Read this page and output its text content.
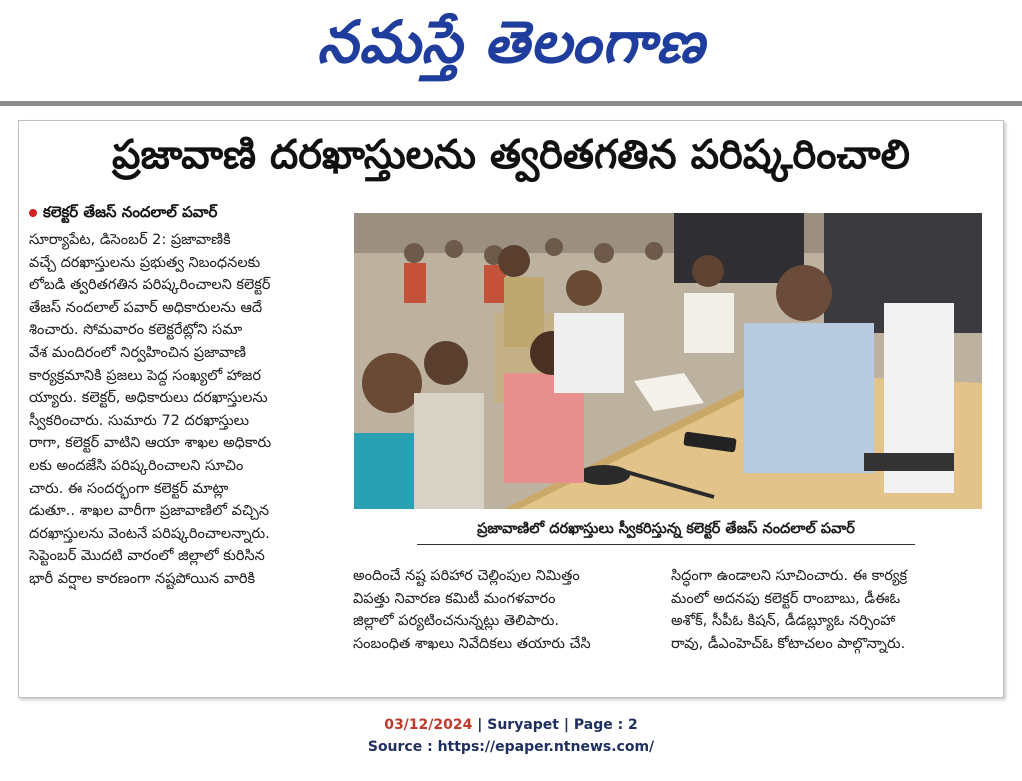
నమస్తే తెలంగాణ
ప్రజావాణి దరఖాస్తులను త్వరితగతిన పరిష్కరించాలి
కలెక్టర్ తేజస్ నందలాల్ పవార్
సూర్యాపేట, డిసెంబర్ 2: ప్రజావాణికి
వచ్చే దరఖాస్తులను ప్రభుత్వ నిబంధనలకు
లోబడి త్వరితగతిన పరిష్కరించాలని కలెక్టర్
తేజస్ నందలాల్ పవార్ అధికారులను ఆదే
శించారు. సోమవారం కలెక్టరేట్లోని సమా
వేశ మందిరంలో నిర్వహించిన ప్రజావాణి
కార్యక్రమానికి ప్రజలు పెద్ద సంఖ్యలో హాజర
య్యారు. కలెక్టర్, అధికారులు దరఖాస్తులను
స్వీకరించారు. సుమారు 72 దరఖాస్తులు
రాగా, కలెక్టర్ వాటిని ఆయా శాఖల అధికారు
లకు అందజేసి పరిష్కరించాలని సూచిం
చారు. ఈ సందర్భంగా కలెక్టర్ మాట్లా
డుతూ.. శాఖల వారీగా ప్రజావాణిలో వచ్చిన
దరఖాస్తులను వెంటనే పరిష్కరించాలన్నారు.
సెప్టెంబర్ మొదటి వారంలో జిల్లాలో కురిసిన
భారీ వర్షాల కారణంగా నష్టపోయిన వారికి
ప్రజావాణిలో దరఖాస్తులు స్వీకరిస్తున్న కలెక్టర్ తేజస్ నందలాల్ పవార్
అందించే నష్ట పరిహార చెల్లింపుల నిమిత్తం
విపత్తు నివారణ కమిటీ మంగళవారం
జిల్లాలో పర్యటించనున్నట్లు తెలిపారు.
సంబంధిత శాఖలు నివేదికలు తయారు చేసి
సిద్ధంగా ఉండాలని సూచించారు. ఈ కార్యక్ర
మంలో అదనపు కలెక్టర్ రాంబాబు, డీఈఓ
అశోక్, సీపీఓ కిషన్, డీడబ్ల్యూఓ నర్సింహా
రావు, డీఎంహెచ్ఓ కోటాచలం పాల్గొన్నారు.
03/12/2024 | Suryapet | Page : 2
Source : https://epaper.ntnews.com/
